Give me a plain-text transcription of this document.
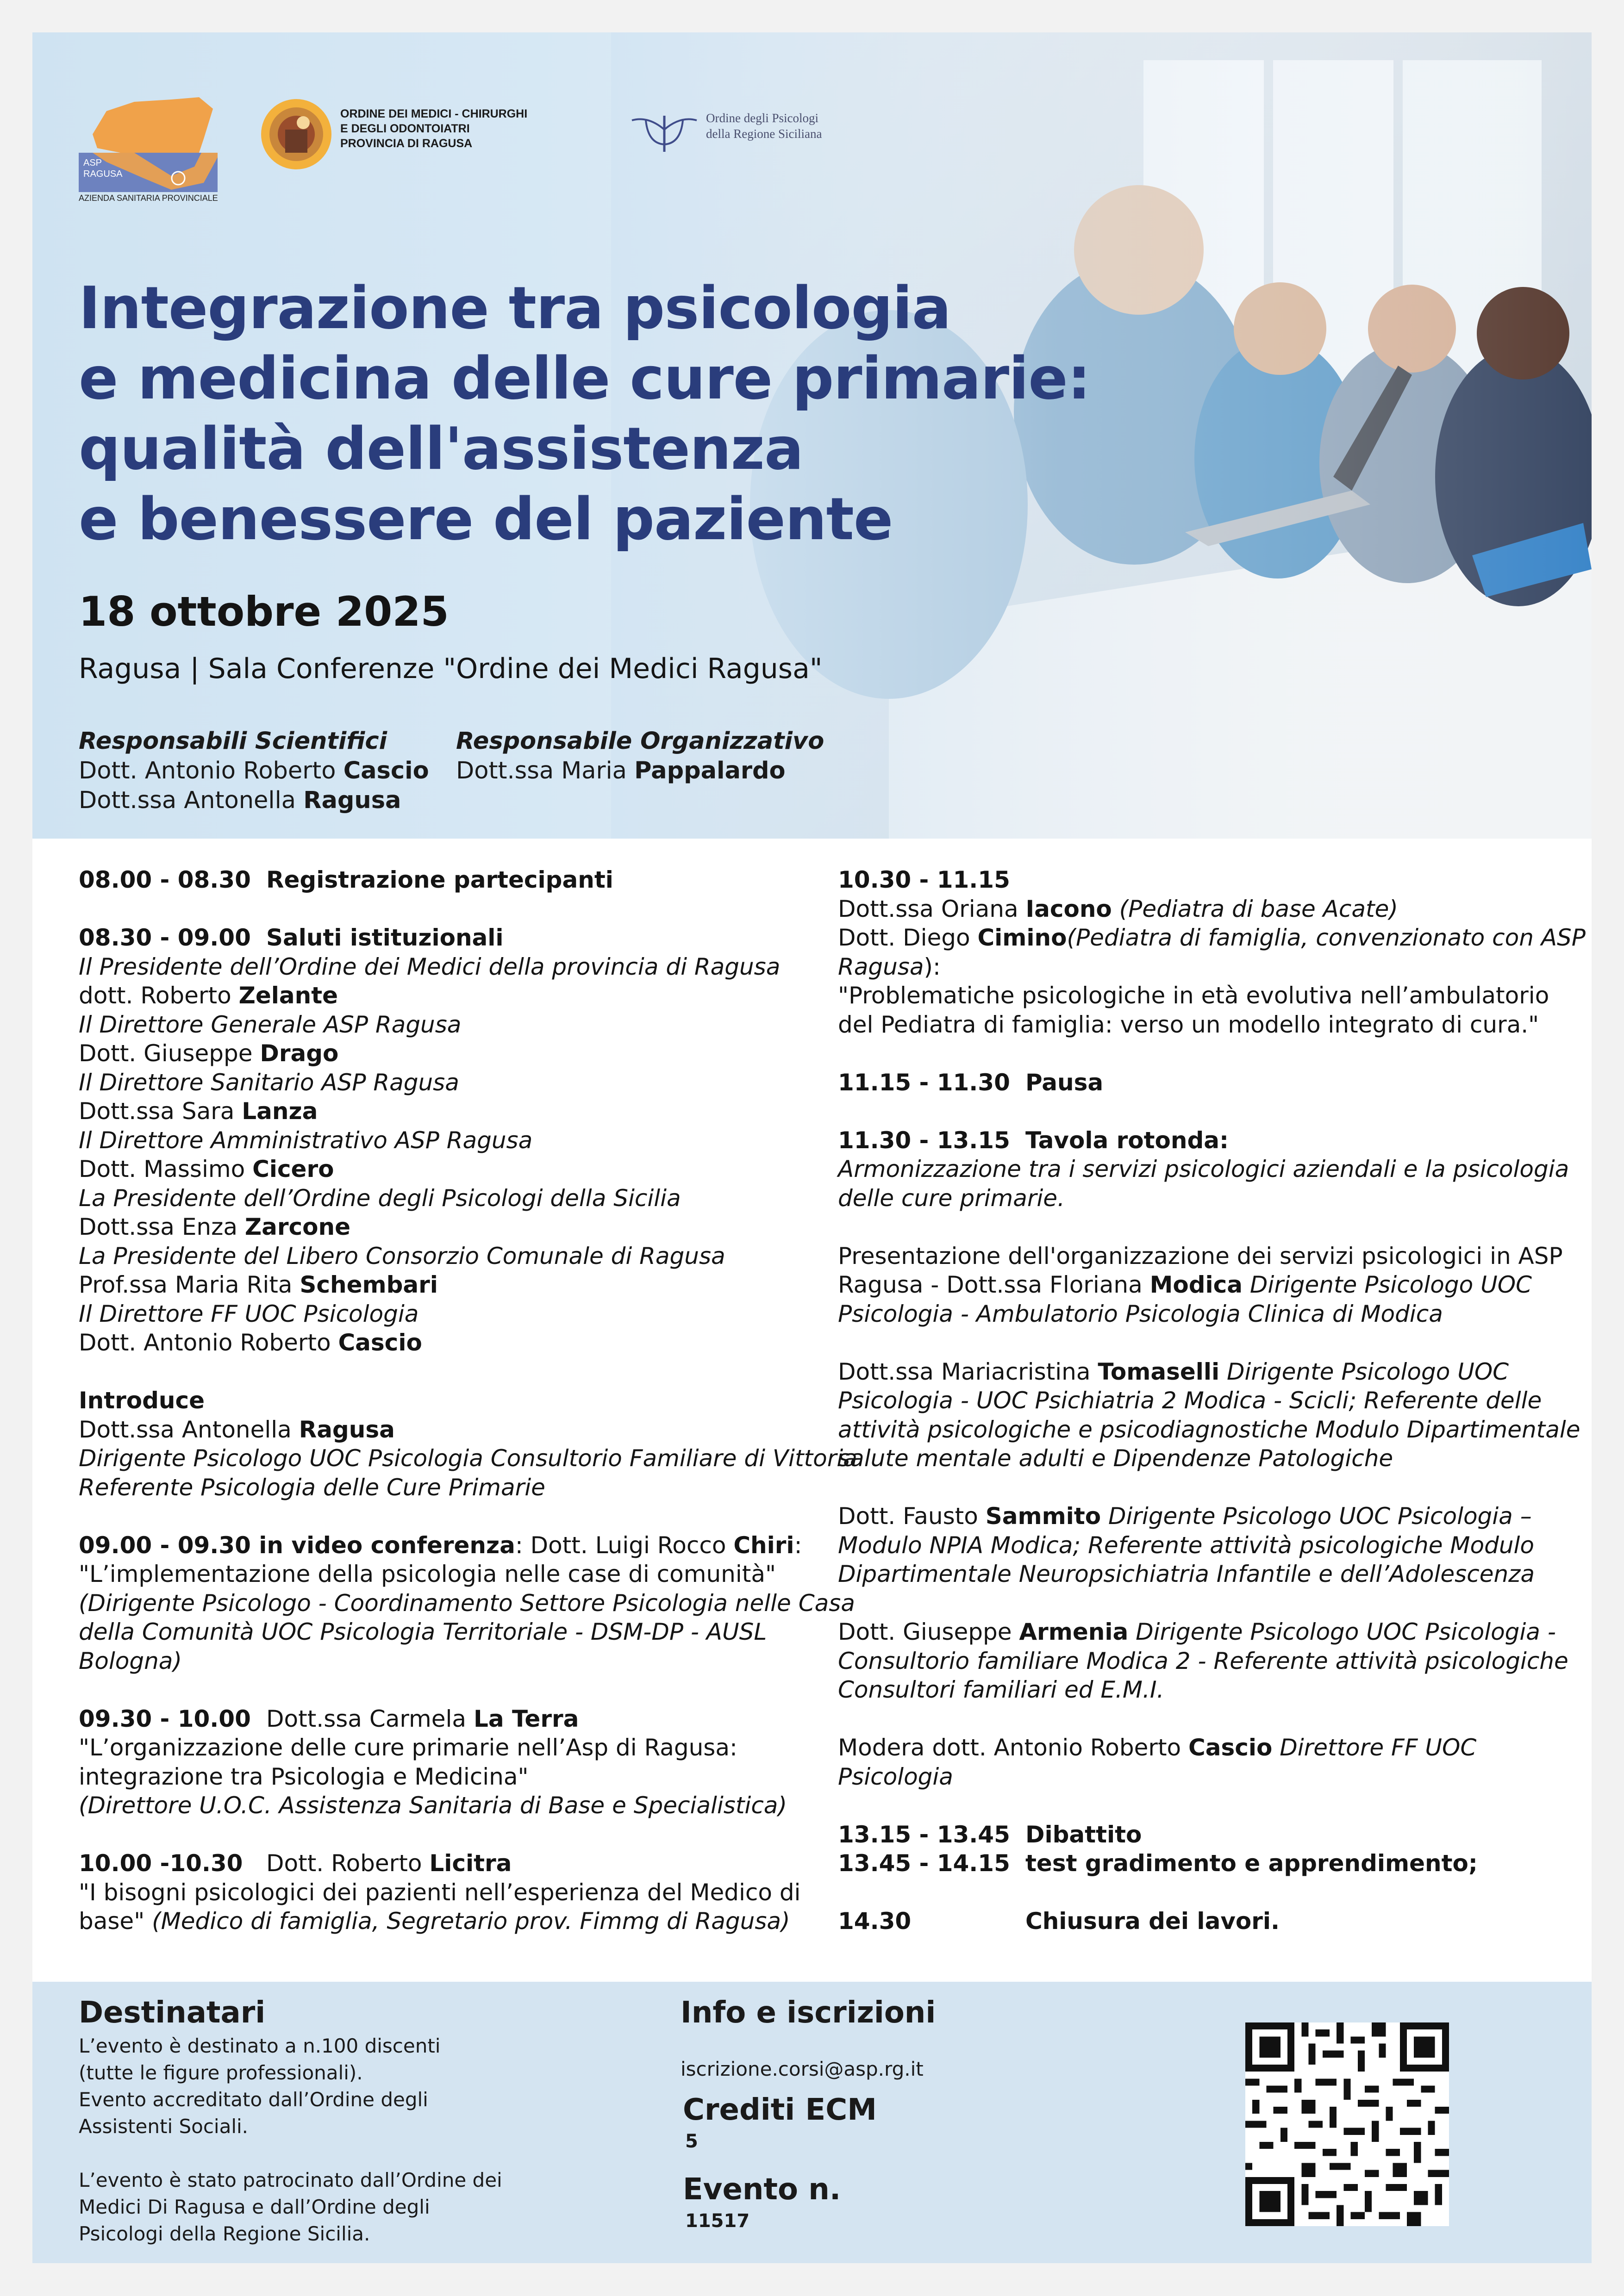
ASP
RAGUSA
AZIENDA SANITARIA PROVINCIALE
ORDINE DEI MEDICI - CHIRURGHI
E DEGLI ODONTOIATRI
PROVINCIA DI RAGUSA
Ordine degli Psicologi
della Regione Siciliana
Integrazione tra psicologia
e medicina delle cure primarie:
qualità dell'assistenza
e benessere del paziente
18 ottobre 2025
Ragusa | Sala Conferenze "Ordine dei Medici Ragusa"
Responsabili Scientifici
Dott. Antonio Roberto Cascio
Dott.ssa Antonella Ragusa
Responsabile Organizzativo
Dott.ssa Maria Pappalardo
08.00 - 08.30 Registrazione partecipanti
08.30 - 09.00 Saluti istituzionali
Il Presidente dell’Ordine dei Medici della provincia di Ragusa
dott. Roberto Zelante
Il Direttore Generale ASP Ragusa
Dott. Giuseppe Drago
Il Direttore Sanitario ASP Ragusa
Dott.ssa Sara Lanza
Il Direttore Amministrativo ASP Ragusa
Dott. Massimo Cicero
La Presidente dell’Ordine degli Psicologi della Sicilia
Dott.ssa Enza Zarcone
La Presidente del Libero Consorzio Comunale di Ragusa
Prof.ssa Maria Rita Schembari
Il Direttore FF UOC Psicologia
Dott. Antonio Roberto Cascio
Introduce
Dott.ssa Antonella Ragusa
Dirigente Psicologo UOC Psicologia Consultorio Familiare di Vittoria
Referente Psicologia delle Cure Primarie
09.00 - 09.30 in video conferenza: Dott. Luigi Rocco Chiri:
"L’implementazione della psicologia nelle case di comunità"
(Dirigente Psicologo - Coordinamento Settore Psicologia nelle Casa
della Comunità UOC Psicologia Territoriale - DSM-DP - AUSL
Bologna)
09.30 - 10.00 Dott.ssa Carmela La Terra
"L’organizzazione delle cure primarie nell’Asp di Ragusa:
integrazione tra Psicologia e Medicina"
(Direttore U.O.C. Assistenza Sanitaria di Base e Specialistica)
10.00 -10.30 Dott. Roberto Licitra
"I bisogni psicologici dei pazienti nell’esperienza del Medico di
base" (Medico di famiglia, Segretario prov. Fimmg di Ragusa)
10.30 - 11.15
Dott.ssa Oriana Iacono (Pediatra di base Acate)
Dott. Diego Cimino(Pediatra di famiglia, convenzionato con ASP
Ragusa):
"Problematiche psicologiche in età evolutiva nell’ambulatorio
del Pediatra di famiglia: verso un modello integrato di cura."
11.15 - 11.30 Pausa
11.30 - 13.15 Tavola rotonda:
Armonizzazione tra i servizi psicologici aziendali e la psicologia
delle cure primarie.
Presentazione dell'organizzazione dei servizi psicologici in ASP
Ragusa - Dott.ssa Floriana Modica Dirigente Psicologo UOC
Psicologia - Ambulatorio Psicologia Clinica di Modica
Dott.ssa Mariacristina Tomaselli Dirigente Psicologo UOC
Psicologia - UOC Psichiatria 2 Modica - Scicli; Referente delle
attività psicologiche e psicodiagnostiche Modulo Dipartimentale
salute mentale adulti e Dipendenze Patologiche
Dott. Fausto Sammito Dirigente Psicologo UOC Psicologia –
Modulo NPIA Modica; Referente attività psicologiche Modulo
Dipartimentale Neuropsichiatria Infantile e dell’Adolescenza
Dott. Giuseppe Armenia Dirigente Psicologo UOC Psicologia -
Consultorio familiare Modica 2 - Referente attività psicologiche
Consultori familiari ed E.M.I.
Modera dott. Antonio Roberto Cascio Direttore FF UOC
Psicologia
13.15 - 13.45 Dibattito
13.45 - 14.15 test gradimento e apprendimento;
14.30	Chiusura dei lavori.
Destinatari
L’evento è destinato a n.100 discenti
(tutte le figure professionali).
Evento accreditato dall’Ordine degli
Assistenti Sociali.
L’evento è stato patrocinato dall’Ordine dei
Medici Di Ragusa e dall’Ordine degli
Psicologi della Regione Sicilia.
Info e iscrizioni
iscrizione.corsi@asp.rg.it
Crediti ECM
5
Evento n.
11517
